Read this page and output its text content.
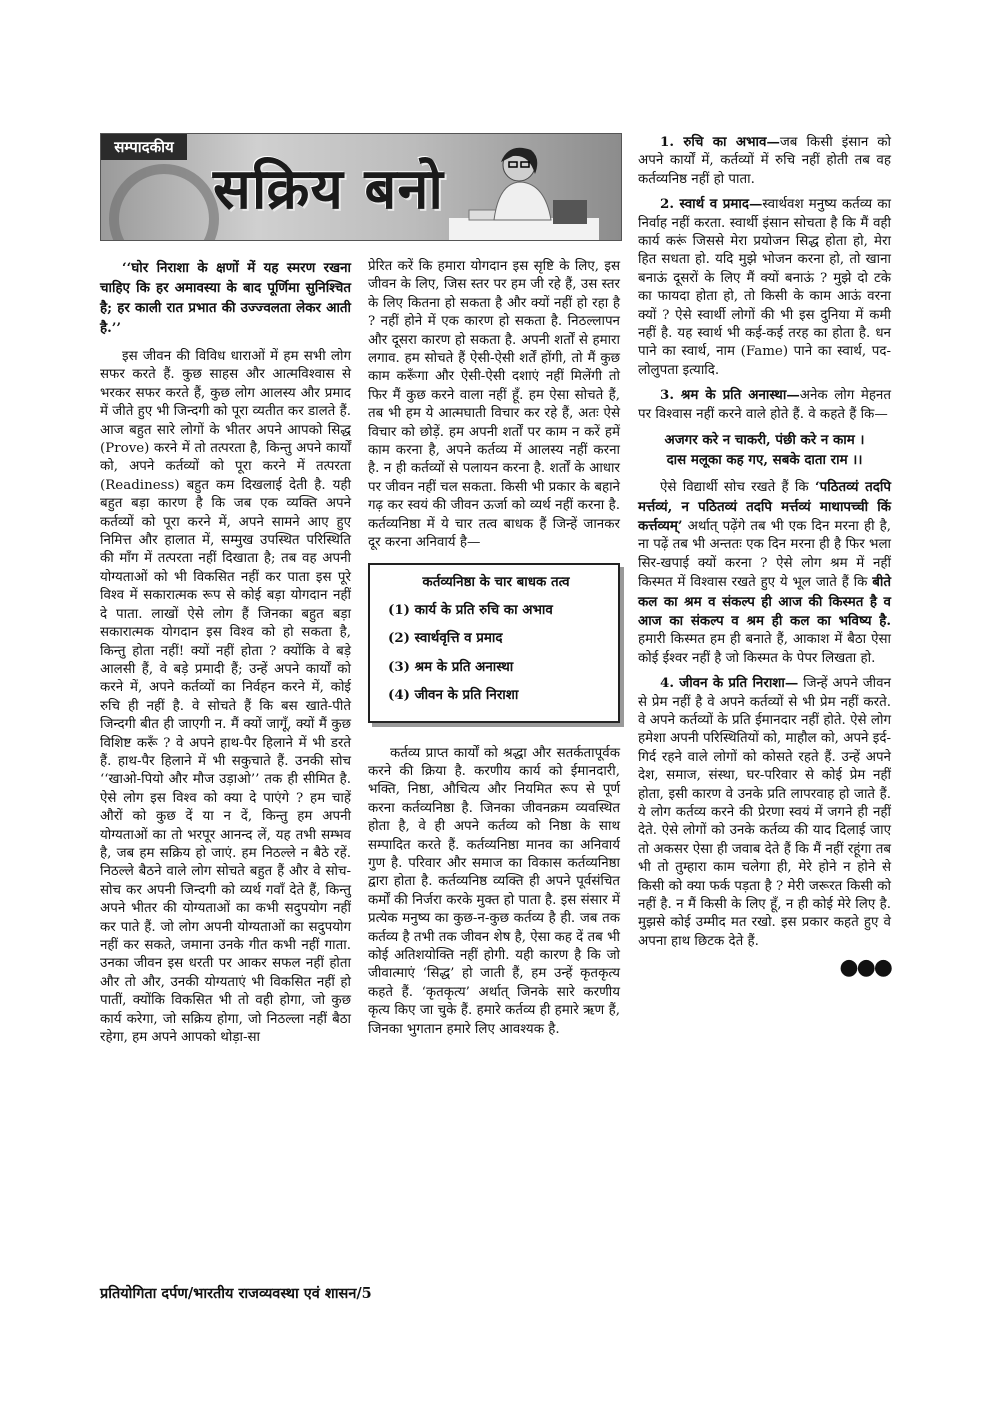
सम्पादकीय
सक्रिय बनो

‘‘घोर निराशा के क्षणों में यह स्मरण रखना चाहिए कि हर अमावस्या के बाद पूर्णिमा सुनिश्चित है; हर काली रात प्रभात की उज्ज्वलता लेकर आती है.’’

इस जीवन की विविध धाराओं में हम सभी लोग सफर करते हैं. कुछ साहस और आत्मविश्वास से भरकर सफर करते हैं, कुछ लोग आलस्य और प्रमाद में जीते हुए भी जिन्दगी को पूरा व्यतीत कर डालते हैं. आज बहुत सारे लोगों के भीतर अपने आपको सिद्ध (Prove) करने में तो तत्परता है, किन्तु अपने कार्यों को, अपने कर्तव्यों को पूरा करने में तत्परता (Readiness) बहुत कम दिखलाई देती है. यही बहुत बड़ा कारण है कि जब एक व्यक्ति अपने कर्तव्यों को पूरा करने में, अपने सामने आए हुए निमित्त और हालात में, सम्मुख उपस्थित परिस्थिति की माँग में तत्परता नहीं दिखाता है; तब वह अपनी योग्यताओं को भी विकसित नहीं कर पाता इस पूरे विश्व में सकारात्मक रूप से कोई बड़ा योगदान नहीं दे पाता. लाखों ऐसे लोग हैं जिनका बहुत बड़ा सकारात्मक योगदान इस विश्व को हो सकता है, किन्तु होता नहीं! क्यों नहीं होता ? क्योंकि वे बड़े आलसी हैं, वे बड़े प्रमादी हैं; उन्हें अपने कार्यों को करने में, अपने कर्तव्यों का निर्वहन करने में, कोई रुचि ही नहीं है. वे सोचते हैं कि बस खाते-पीते जिन्दगी बीत ही जाएगी न. मैं क्यों जागूँ, क्यों मैं कुछ विशिष्ट करूँ ? वे अपने हाथ-पैर हिलाने में भी डरते हैं. हाथ-पैर हिलाने में भी सकुचाते हैं. उनकी सोच ‘‘खाओ-पियो और मौज उड़ाओ’’ तक ही सीमित है. ऐसे लोग इस विश्व को क्या दे पाएंगे ? हम चाहें औरों को कुछ दें या न दें, किन्तु हम अपनी योग्यताओं का तो भरपूर आनन्द लें, यह तभी सम्भव है, जब हम सक्रिय हो जाएं. हम निठल्ले न बैठे रहें. निठल्ले बैठने वाले लोग सोचते बहुत हैं और वे सोच-सोच कर अपनी जिन्दगी को व्यर्थ गवाँ देते हैं, किन्तु अपने भीतर की योग्यताओं का कभी सदुपयोग नहीं कर पाते हैं. जो लोग अपनी योग्यताओं का सदुपयोग नहीं कर सकते, जमाना उनके गीत कभी नहीं गाता. उनका जीवन इस धरती पर आकर सफल नहीं होता और तो और, उनकी योग्यताएं भी विकसित नहीं हो पातीं, क्योंकि विकसित भी तो वही होगा, जो कुछ कार्य करेगा, जो सक्रिय होगा, जो निठल्ला नहीं बैठा रहेगा, हम अपने आपको थोड़ा-सा

प्रेरित करें कि हमारा योगदान इस सृष्टि के लिए, इस जीवन के लिए, जिस स्तर पर हम जी रहे हैं, उस स्तर के लिए कितना हो सकता है और क्यों नहीं हो रहा है ? नहीं होने में एक कारण हो सकता है. निठल्लापन और दूसरा कारण हो सकता है. अपनी शर्तों से हमारा लगाव. हम सोचते हैं ऐसी-ऐसी शर्तें होंगी, तो मैं कुछ काम करूँगा और ऐसी-ऐसी दशाएं नहीं मिलेंगी तो फिर मैं कुछ करने वाला नहीं हूँ. हम ऐसा सोचते हैं, तब भी हम ये आत्मघाती विचार कर रहे हैं, अतः ऐसे विचार को छोड़ें. हम अपनी शर्तों पर काम न करें हमें काम करना है, अपने कर्तव्य में आलस्य नहीं करना है. न ही कर्तव्यों से पलायन करना है. शर्तों के आधार पर जीवन नहीं चल सकता. किसी भी प्रकार के बहाने गढ़ कर स्वयं की जीवन ऊर्जा को व्यर्थ नहीं करना है. कर्तव्यनिष्ठा में ये चार तत्व बाधक हैं जिन्हें जानकर दूर करना अनिवार्य है—

कर्तव्यनिष्ठा के चार बाधक तत्व
(1) कार्य के प्रति रुचि का अभाव
(2) स्वार्थवृत्ति व प्रमाद
(3) श्रम के प्रति अनास्था
(4) जीवन के प्रति निराशा

कर्तव्य प्राप्त कार्यों को श्रद्धा और सतर्कतापूर्वक करने की क्रिया है. करणीय कार्य को ईमानदारी, भक्ति, निष्ठा, औचित्य और नियमित रूप से पूर्ण करना कर्तव्यनिष्ठा है. जिनका जीवनक्रम व्यवस्थित होता है, वे ही अपने कर्तव्य को निष्ठा के साथ सम्पादित करते हैं. कर्तव्यनिष्ठा मानव का अनिवार्य गुण है. परिवार और समाज का विकास कर्तव्यनिष्ठा द्वारा होता है. कर्तव्यनिष्ठ व्यक्ति ही अपने पूर्वसंचित कर्मों की निर्जरा करके मुक्त हो पाता है. इस संसार में प्रत्येक मनुष्य का कुछ-न-कुछ कर्तव्य है ही. जब तक कर्तव्य है तभी तक जीवन शेष है, ऐसा कह दें तब भी कोई अतिशयोक्ति नहीं होगी. यही कारण है कि जो जीवात्माएं ‘सिद्ध’ हो जाती हैं, हम उन्हें कृतकृत्य कहते हैं. ‘कृतकृत्य’ अर्थात् जिनके सारे करणीय कृत्य किए जा चुके हैं. हमारे कर्तव्य ही हमारे ऋण हैं, जिनका भुगतान हमारे लिए आवश्यक है.

1. रुचि का अभाव—जब किसी इंसान को अपने कार्यों में, कर्तव्यों में रुचि नहीं होती तब वह कर्तव्यनिष्ठ नहीं हो पाता.

2. स्वार्थ व प्रमाद—स्वार्थवश मनुष्य कर्तव्य का निर्वाह नहीं करता. स्वार्थी इंसान सोचता है कि मैं वही कार्य करूं जिससे मेरा प्रयोजन सिद्ध होता हो, मेरा हित सधता हो. यदि मुझे भोजन करना हो, तो खाना बनाऊं दूसरों के लिए मैं क्यों बनाऊं ? मुझे दो टके का फायदा होता हो, तो किसी के काम आऊं वरना क्यों ? ऐसे स्वार्थी लोगों की भी इस दुनिया में कमी नहीं है. यह स्वार्थ भी कई-कई तरह का होता है. धन पाने का स्वार्थ, नाम (Fame) पाने का स्वार्थ, पद-लोलुपता इत्यादि.

3. श्रम के प्रति अनास्था—अनेक लोग मेहनत पर विश्वास नहीं करने वाले होते हैं. वे कहते हैं कि—

अजगर करे न चाकरी, पंछी करे न काम ।
दास मलूका कह गए, सबके दाता राम ।।

ऐसे विद्यार्थी सोच रखते हैं कि ‘पठितव्यं तदपि मर्त्तव्यं, न पठितव्यं तदपि मर्त्तव्यं माथापच्ची किं कर्त्तव्यम्’ अर्थात् पढ़ेंगे तब भी एक दिन मरना ही है, ना पढ़ें तब भी अन्ततः एक दिन मरना ही है फिर भला सिर-खपाई क्यों करना ? ऐसे लोग श्रम में नहीं किस्मत में विश्वास रखते हुए ये भूल जाते हैं कि बीते कल का श्रम व संकल्प ही आज की किस्मत है व आज का संकल्प व श्रम ही कल का भविष्य है. हमारी किस्मत हम ही बनाते हैं, आकाश में बैठा ऐसा कोई ईश्वर नहीं है जो किस्मत के पेपर लिखता हो.

4. जीवन के प्रति निराशा— जिन्हें अपने जीवन से प्रेम नहीं है वे अपने कर्तव्यों से भी प्रेम नहीं करते. वे अपने कर्तव्यों के प्रति ईमानदार नहीं होते. ऐसे लोग हमेशा अपनी परिस्थितियों को, माहौल को, अपने इर्द-गिर्द रहने वाले लोगों को कोसते रहते हैं. उन्हें अपने देश, समाज, संस्था, घर-परिवार से कोई प्रेम नहीं होता, इसी कारण वे उनके प्रति लापरवाह हो जाते हैं. ये लोग कर्तव्य करने की प्रेरणा स्वयं में जगने ही नहीं देते. ऐसे लोगों को उनके कर्तव्य की याद दिलाई जाए तो अकसर ऐसा ही जवाब देते हैं कि मैं नहीं रहूंगा तब भी तो तुम्हारा काम चलेगा ही, मेरे होने न होने से किसी को क्या फर्क पड़ता है ? मेरी जरूरत किसी को नहीं है. न मैं किसी के लिए हूँ, न ही कोई मेरे लिए है. मुझसे कोई उम्मीद मत रखो. इस प्रकार कहते हुए वे अपना हाथ छिटक देते हैं.

●●●
प्रतियोगिता दर्पण/भारतीय राजव्यवस्था एवं शासन/5
